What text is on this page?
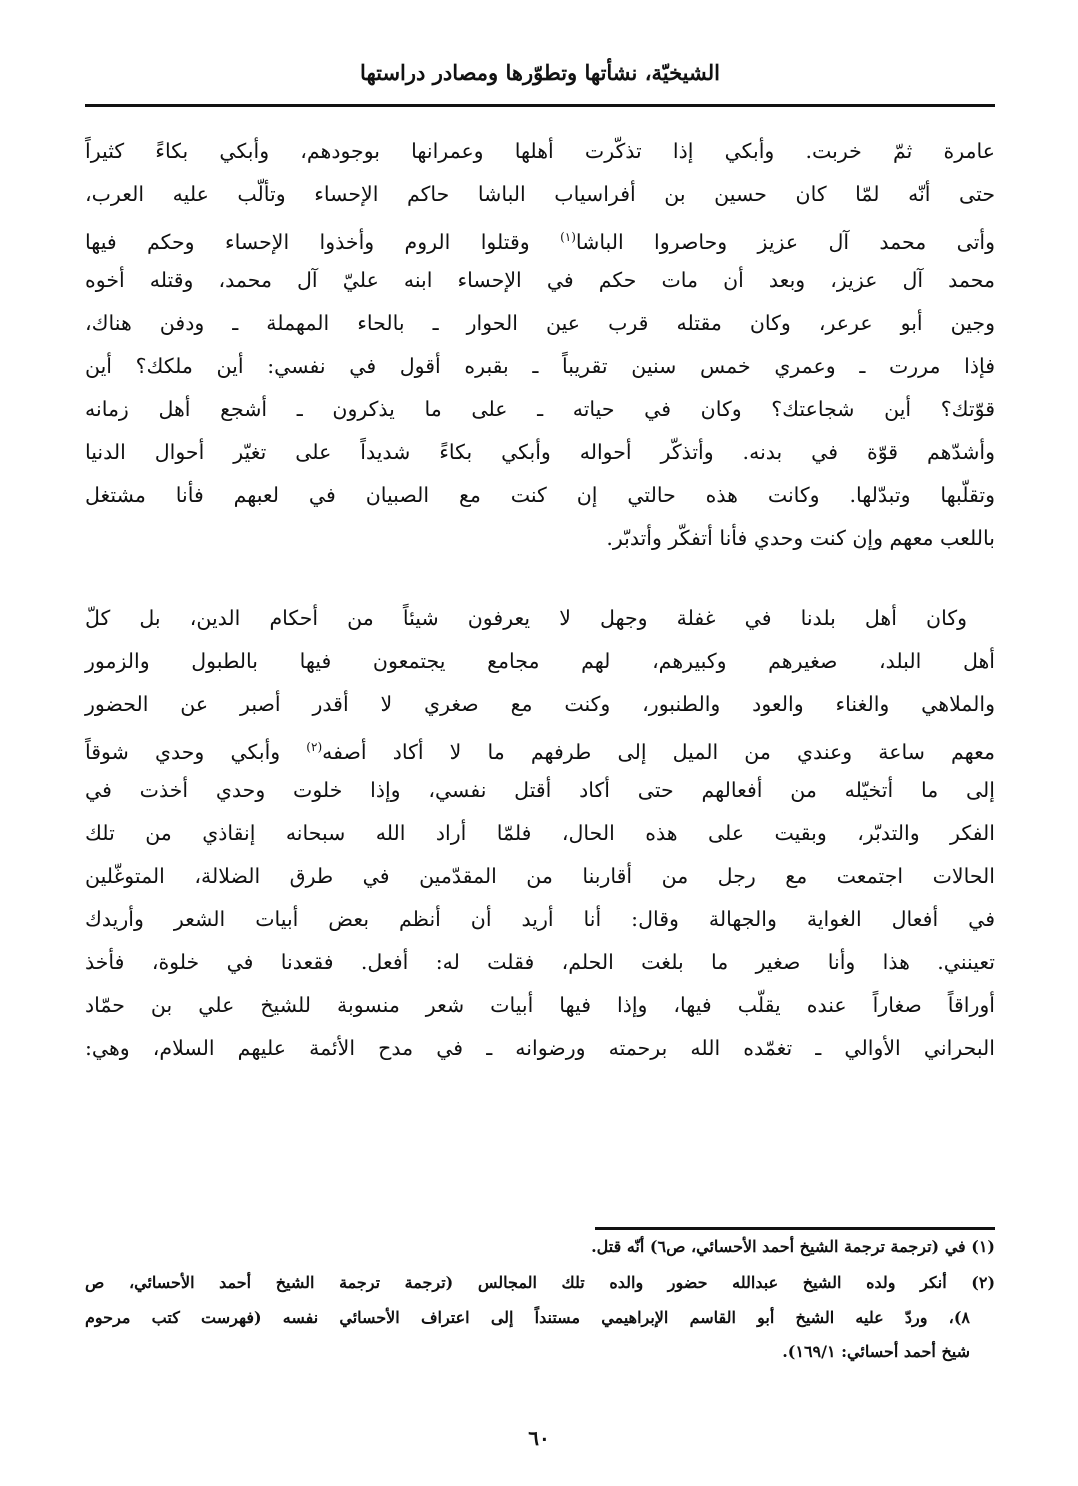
الشيخيّة، نشأتها وتطوّرها ومصادر دراستها
عامرة ثمّ خربت. وأبكي إذا تذكّرت أهلها وعمرانها بوجودهم، وأبكي بكاءً كثيراً
حتى أنّه لمّا كان حسين بن أفراسياب الباشا حاكم الإحساء وتألّب عليه العرب،
وأتى محمد آل عزيز وحاصروا الباشا$^{(١)}$ وقتلوا الروم وأخذوا الإحساء وحكم فيها
محمد آل عزيز، وبعد أن مات حكم في الإحساء ابنه عليّ آل محمد، وقتله أخوه
وجين أبو عرعر، وكان مقتله قرب عين الحوار ـ بالحاء المهملة ـ ودفن هناك،
فإذا مررت ـ وعمري خمس سنين تقريباً ـ بقبره أقول في نفسي: أين ملكك؟ أين
قوّتك؟ أين شجاعتك؟ وكان في حياته ـ على ما يذكرون ـ أشجع أهل زمانه
وأشدّهم قوّة في بدنه. وأتذكّر أحواله وأبكي بكاءً شديداً على تغيّر أحوال الدنيا
وتقلّبها وتبدّلها. وكانت هذه حالتي إن كنت مع الصبيان في لعبهم فأنا مشتغل
باللعب معهم وإن كنت وحدي فأنا أتفكّر وأتدبّر.
وكان أهل بلدنا في غفلة وجهل لا يعرفون شيئاً من أحكام الدين، بل كلّ
أهل البلد، صغيرهم وكبيرهم، لهم مجامع يجتمعون فيها بالطبول والزمور
والملاهي والغناء والعود والطنبور، وكنت مع صغري لا أقدر أصبر عن الحضور
معهم ساعة وعندي من الميل إلى طرفهم ما لا أكاد أصفه$^{(٢)}$ وأبكي وحدي شوقاً
إلى ما أتخيّله من أفعالهم حتى أكاد أقتل نفسي، وإذا خلوت وحدي أخذت في
الفكر والتدبّر، وبقيت على هذه الحال، فلمّا أراد الله سبحانه إنقاذي من تلك
الحالات اجتمعت مع رجل من أقاربنا من المقدّمين في طرق الضلالة، المتوغّلين
في أفعال الغواية والجهالة وقال: أنا أريد أن أنظم بعض أبيات الشعر وأريدك
تعينني. هذا وأنا صغير ما بلغت الحلم، فقلت له: أفعل. فقعدنا في خلوة، فأخذ
أوراقاً صغاراً عنده يقلّب فيها، وإذا فيها أبيات شعر منسوبة للشيخ علي بن حمّاد
البحراني الأوالي ـ تغمّده الله برحمته ورضوانه ـ في مدح الأئمة عليهم السلام، وهي:
(١) في (ترجمة ترجمة الشيخ أحمد الأحسائي، ص٦) أنّه قتل.
(٢) أنكر ولده الشيخ عبدالله حضور والده تلك المجالس (ترجمة ترجمة الشيخ أحمد الأحسائي، ص
٨)، وردّ عليه الشيخ أبو القاسم الإبراهيمي مستنداً إلى اعتراف الأحسائي نفسه (فهرست كتب مرحوم
شيخ أحمد أحسائي: ١٦٩/١).
٦٠
